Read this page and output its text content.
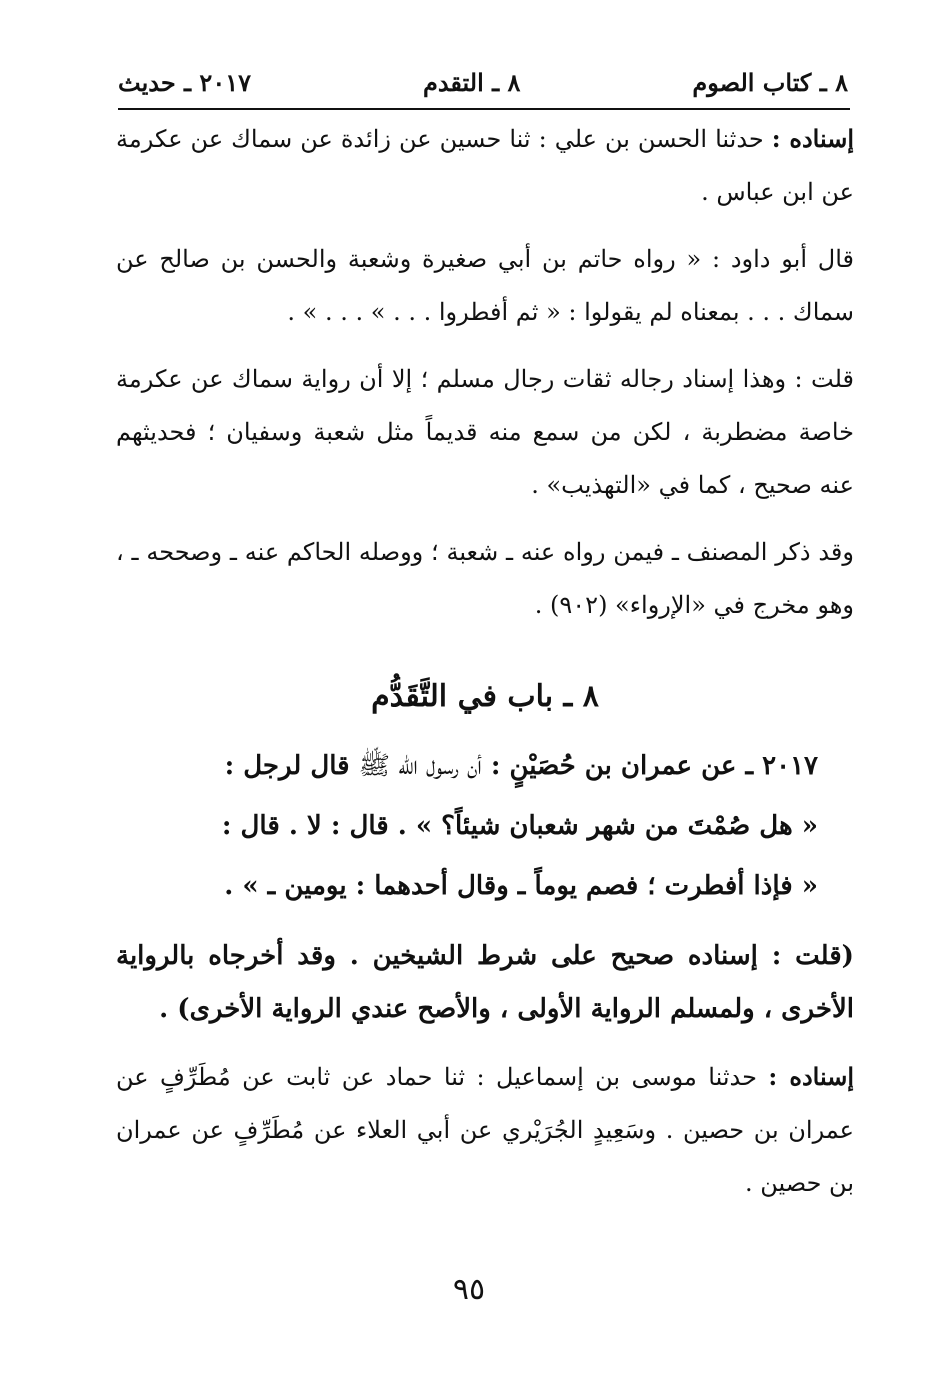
٨ ـ كتاب الصوم
٨ ـ التقدم
٢٠١٧ ـ حديث

إسناده : حدثنا الحسن بن علي : ثنا حسين عن زائدة عن سماك عن عكرمة عن ابن عباس .

قال أبو داود : « رواه حاتم بن أبي صغيرة وشعبة والحسن بن صالح عن سماك . . . بمعناه لم يقولوا : « ثم أفطروا . . . » . . . » .

قلت : وهذا إسناد رجاله ثقات رجال مسلم ؛ إلا أن رواية سماك عن عكرمة خاصة مضطربة ، لكن من سمع منه قديماً مثل شعبة وسفيان ؛ فحديثهم عنه صحيح ، كما في «التهذيب» .

وقد ذكر المصنف ـ فيمن رواه عنه ـ شعبة ؛ ووصله الحاكم عنه ـ وصححه ـ ، وهو مخرج في «الإرواء» (٩٠٢) .

٨ ـ باب في التَّقَدُّم
٢٠١٧ ـ عن عمران بن حُصَيْنٍ : أن رسول الله ﷺ قال لرجل :
« هل صُمْتَ من شهر شعبان شيئاً؟ » . قال : لا . قال :
« فإذا أفطرت ؛ فصم يوماً ـ وقال أحدهما : يومين ـ » .

(قلت : إسناده صحيح على شرط الشيخين . وقد أخرجاه بالرواية الأخرى ، ولمسلم الرواية الأولى ، والأصح عندي الرواية الأخرى) .

إسناده : حدثنا موسى بن إسماعيل : ثنا حماد عن ثابت عن مُطَرِّفٍ عن عمران بن حصين . وسَعِيدٍ الجُرَيْري عن أبي العلاء عن مُطَرِّفٍ عن عمران بن حصين .

٩٥
